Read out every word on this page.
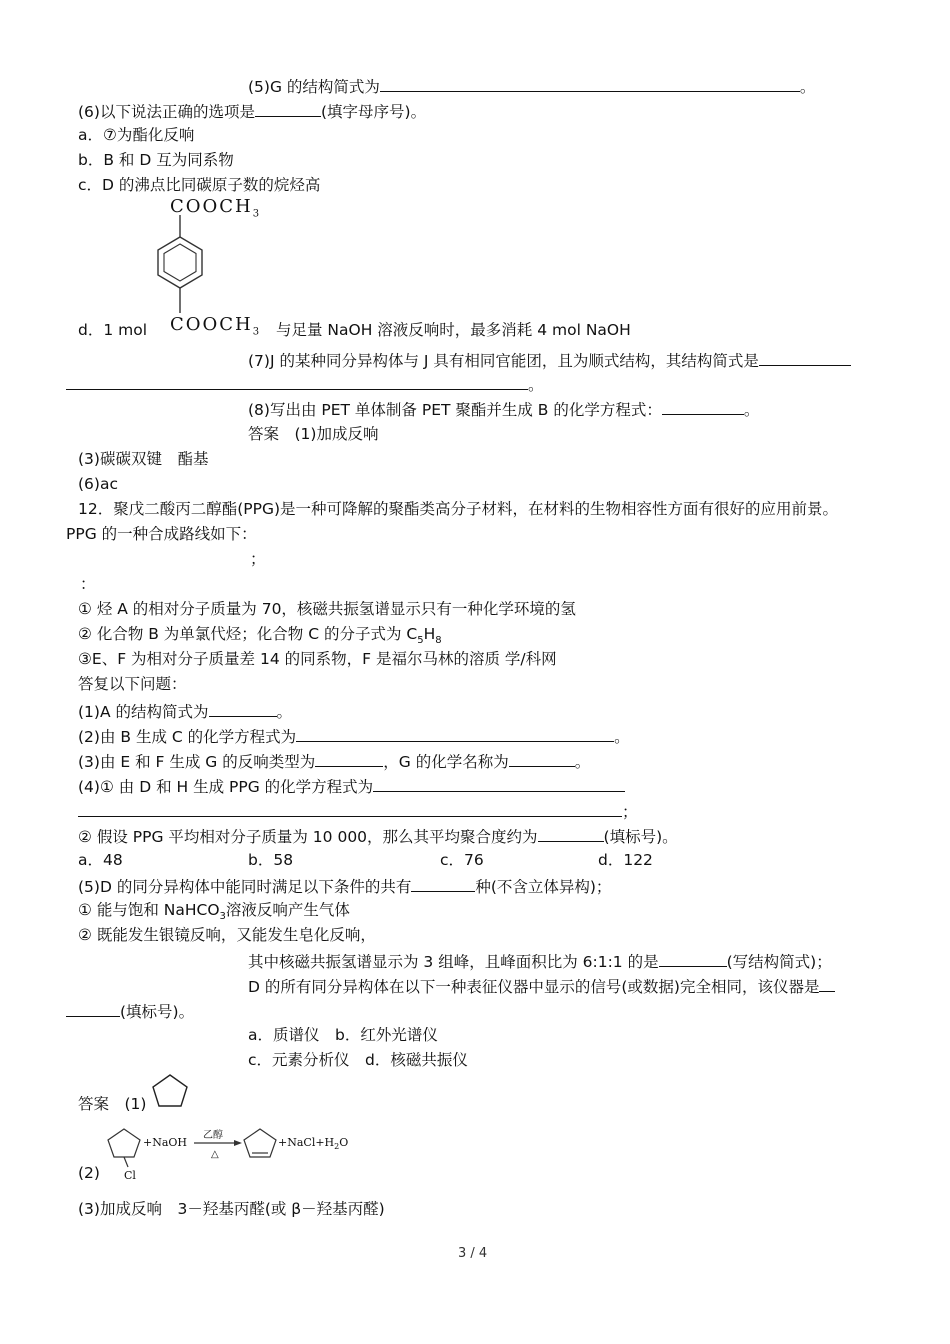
(5)G 的结构简式为	。
(6)以下说法正确的选项是	(填字母序号)。
a．⑦为酯化反响
b．B 和 D 互为同系物
c．D 的沸点比同碳原子数的烷烃高
$COOCH_3$
d．1 mol $COOCH_3$ 与足量 NaOH 溶液反响时，最多消耗 4 mol NaOH
(7)J 的某种同分异构体与 J 具有相同官能团，且为顺式结构，其结构简式是
。
(8)写出由 PET 单体制备 PET 聚酯并生成 B 的化学方程式：	。
答案　(1)加成反响
(3)碳碳双键　酯基
(6)ac
12．聚戊二酸丙二醇酯(PPG)是一种可降解的聚酯类高分子材料，在材料的生物相容性方面有很好的应用前景。
PPG 的一种合成路线如下：
；
：
① 烃 A 的相对分子质量为 70，核磁共振氢谱显示只有一种化学环境的氢
② 化合物 B 为单氯代烃；化合物 C 的分子式为 $C_5H_8$
③E、F 为相对分子质量差 14 的同系物，F 是福尔马林的溶质 学/科网
答复以下问题：
(1)A 的结构简式为	。
(2)由 B 生成 C 的化学方程式为	。
(3)由 E 和 F 生成 G 的反响类型为	，G 的化学名称为	。
(4)① 由 D 和 H 生成 PPG 的化学方程式为
；
② 假设 PPG 平均相对分子质量为 10 000，那么其平均聚合度约为	(填标号)。
a．48	b．58	c．76	d．122
(5)D 的同分异构体中能同时满足以下条件的共有	种(不含立体异构)；
① 能与饱和 NaHCO$_3$溶液反响产生气体
② 既能发生银镜反响，又能发生皂化反响，
其中核磁共振氢谱显示为 3 组峰，且峰面积比为 6:1:1 的是	(写结构简式)；
D 的所有同分异构体在以下一种表征仪器中显示的信号(或数据)完全相同，该仪器是
(填标号)。
a．质谱仪　b．红外光谱仪
c．元素分析仪　d．核磁共振仪
答案　(1)
+NaOH
乙醇
△
$+NaCl+H_2O$
Cl
(2)
(3)加成反响　3－羟基丙醛(或 β－羟基丙醛)
3 / 4
